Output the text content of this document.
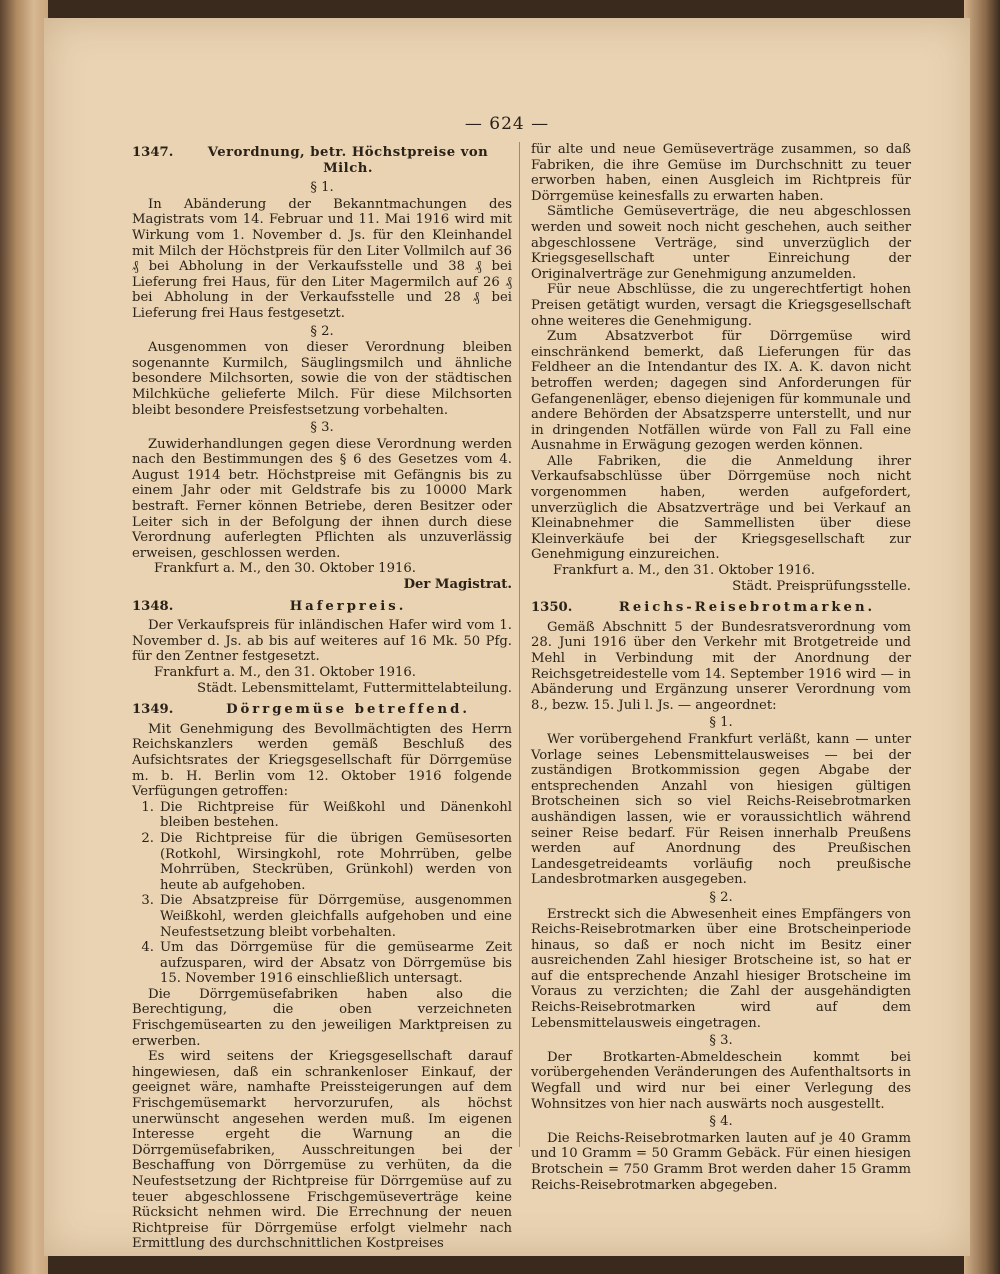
— 624 —
1347.	Verordnung, betr. Höchstpreise von Milch.
§ 1.

In Abänderung der Bekanntmachungen des Magistrats vom 14. Februar und 11. Mai 1916 wird mit Wirkung vom 1. November d. Js. für den Kleinhandel mit Milch der Höchstpreis für den Liter Vollmilch auf 36 ₰ bei Abholung in der Verkaufsstelle und 38 ₰ bei Lieferung frei Haus, für den Liter Magermilch auf 26 ₰ bei Abholung in der Verkaufsstelle und 28 ₰ bei Lieferung frei Haus festgesetzt.

§ 2.

Ausgenommen von dieser Verordnung bleiben sogenannte Kurmilch, Säuglingsmilch und ähnliche besondere Milchsorten, sowie die von der städtischen Milchküche gelieferte Milch. Für diese Milchsorten bleibt besondere Preisfestsetzung vorbehalten.

§ 3.

Zuwiderhandlungen gegen diese Verordnung werden nach den Bestimmungen des § 6 des Gesetzes vom 4. August 1914 betr. Höchstpreise mit Gefängnis bis zu einem Jahr oder mit Geldstrafe bis zu 10000 Mark bestraft. Ferner können Betriebe, deren Besitzer oder Leiter sich in der Befolgung der ihnen durch diese Verordnung auferlegten Pflichten als unzuverlässig erweisen, geschlossen werden.

Frankfurt a. M., den 30. Oktober 1916.
Der Magistrat.
1348.	Haferpreis.

Der Verkaufspreis für inländischen Hafer wird vom 1. November d. Js. ab bis auf weiteres auf 16 Mk. 50 Pfg. für den Zentner festgesetzt.

Frankfurt a. M., den 31. Oktober 1916.
Städt. Lebensmittelamt, Futtermittelabteilung.
1349.	Dörrgemüse betreffend.

Mit Genehmigung des Bevollmächtigten des Herrn Reichskanzlers werden gemäß Beschluß des Aufsichtsrates der Kriegsgesellschaft für Dörrgemüse m. b. H. Berlin vom 12. Oktober 1916 folgende Verfügungen getroffen:

1. Die Richtpreise für Weißkohl und Dänenkohl bleiben bestehen.
2. Die Richtpreise für die übrigen Gemüsesorten (Rotkohl, Wirsingkohl, rote Mohrrüben, gelbe Mohrrüben, Steckrüben, Grünkohl) werden von heute ab aufgehoben.
3. Die Absatzpreise für Dörrgemüse, ausgenommen Weißkohl, werden gleichfalls aufgehoben und eine Neufestsetzung bleibt vorbehalten.
4. Um das Dörrgemüse für die gemüsearme Zeit aufzusparen, wird der Absatz von Dörrgemüse bis 15. November 1916 einschließlich untersagt.

Die Dörrgemüsefabriken haben also die Berechtigung, die oben verzeichneten Frischgemüsearten zu den jeweiligen Marktpreisen zu erwerben.

Es wird seitens der Kriegsgesellschaft darauf hingewiesen, daß ein schrankenloser Einkauf, der geeignet wäre, namhafte Preissteigerungen auf dem Frischgemüsemarkt hervorzurufen, als höchst unerwünscht angesehen werden muß. Im eigenen Interesse ergeht die Warnung an die Dörrgemüsefabriken, Ausschreitungen bei der Beschaffung von Dörrgemüse zu verhüten, da die Neufestsetzung der Richtpreise für Dörrgemüse auf zu teuer abgeschlossene Frischgemüseverträge keine Rücksicht nehmen wird. Die Errechnung der neuen Richtpreise für Dörrgemüse erfolgt vielmehr nach Ermittlung des durchschnittlichen Kostpreises

für alte und neue Gemüseverträge zusammen, so daß Fabriken, die ihre Gemüse im Durchschnitt zu teuer erworben haben, einen Ausgleich im Richtpreis für Dörrgemüse keinesfalls zu erwarten haben.

Sämtliche Gemüseverträge, die neu abgeschlossen werden und soweit noch nicht geschehen, auch seither abgeschlossene Verträge, sind unverzüglich der Kriegsgesellschaft unter Einreichung der Originalverträge zur Genehmigung anzumelden.

Für neue Abschlüsse, die zu ungerechtfertigt hohen Preisen getätigt wurden, versagt die Kriegsgesellschaft ohne weiteres die Genehmigung.

Zum Absatzverbot für Dörrgemüse wird einschränkend bemerkt, daß Lieferungen für das Feldheer an die Intendantur des IX. A. K. davon nicht betroffen werden; dagegen sind Anforderungen für Gefangenenläger, ebenso diejenigen für kommunale und andere Behörden der Absatzsperre unterstellt, und nur in dringenden Notfällen würde von Fall zu Fall eine Ausnahme in Erwägung gezogen werden können.

Alle Fabriken, die die Anmeldung ihrer Verkaufsabschlüsse über Dörrgemüse noch nicht vorgenommen haben, werden aufgefordert, unverzüglich die Absatzverträge und bei Verkauf an Kleinabnehmer die Sammellisten über diese Kleinverkäufe bei der Kriegsgesellschaft zur Genehmigung einzureichen.

Frankfurt a. M., den 31. Oktober 1916.
Städt. Preisprüfungsstelle.
1350.	Reichs-Reisebrotmarken.

Gemäß Abschnitt 5 der Bundesratsverordnung vom 28. Juni 1916 über den Verkehr mit Brotgetreide und Mehl in Verbindung mit der Anordnung der Reichsgetreidestelle vom 14. September 1916 wird — in Abänderung und Ergänzung unserer Verordnung vom 8., bezw. 15. Juli l. Js. — angeordnet:

§ 1.

Wer vorübergehend Frankfurt verläßt, kann — unter Vorlage seines Lebensmittelausweises — bei der zuständigen Brotkommission gegen Abgabe der entsprechenden Anzahl von hiesigen gültigen Brotscheinen sich so viel Reichs-Reisebrotmarken aushändigen lassen, wie er voraussichtlich während seiner Reise bedarf. Für Reisen innerhalb Preußens werden auf Anordnung des Preußischen Landesgetreideamts vorläufig noch preußische Landesbrotmarken ausgegeben.

§ 2.

Erstreckt sich die Abwesenheit eines Empfängers von Reichs-Reisebrotmarken über eine Brotscheinperiode hinaus, so daß er noch nicht im Besitz einer ausreichenden Zahl hiesiger Brotscheine ist, so hat er auf die entsprechende Anzahl hiesiger Brotscheine im Voraus zu verzichten; die Zahl der ausgehändigten Reichs-Reisebrotmarken wird auf dem Lebensmittelausweis eingetragen.

§ 3.

Der Brotkarten-Abmeldeschein kommt bei vorübergehenden Veränderungen des Aufenthaltsorts in Wegfall und wird nur bei einer Verlegung des Wohnsitzes von hier nach auswärts noch ausgestellt.

§ 4.

Die Reichs-Reisebrotmarken lauten auf je 40 Gramm und 10 Gramm = 50 Gramm Gebäck. Für einen hiesigen Brotschein = 750 Gramm Brot werden daher 15 Gramm Reichs-Reisebrotmarken abgegeben.
